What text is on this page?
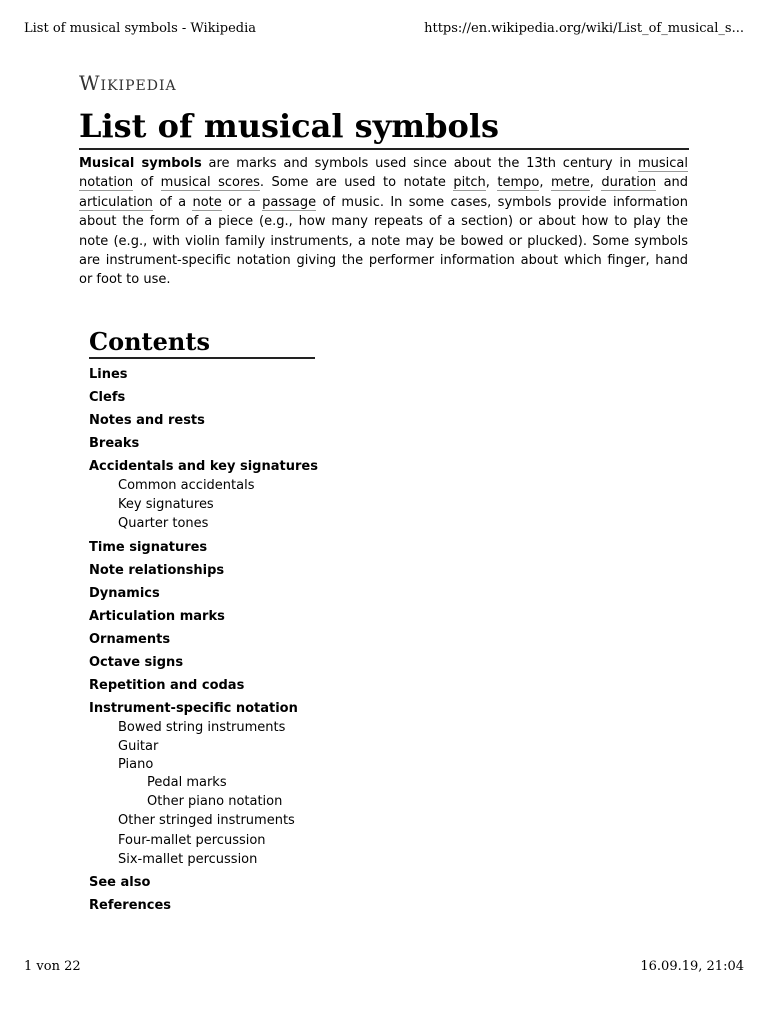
List of musical symbols - Wikipedia	https://en.wikipedia.org/wiki/List_of_musical_s...
Wikipedia
List of musical symbols

Musical symbols are marks and symbols used since about the 13th century in musical notation of musical scores. Some are used to notate pitch, tempo, metre, duration and articulation of a note or a passage of music. In some cases, symbols provide information about the form of a piece (e.g., how many repeats of a section) or about how to play the note (e.g., with violin family instruments, a note may be bowed or plucked). Some symbols are instrument-specific notation giving the performer information about which finger, hand or foot to use.

Contents
Lines
Clefs
Notes and rests
Breaks
Accidentals and key signatures
Common accidentals
Key signatures
Quarter tones
Time signatures
Note relationships
Dynamics
Articulation marks
Ornaments
Octave signs
Repetition and codas
Instrument-specific notation
Bowed string instruments
Guitar
Piano
Pedal marks
Other piano notation
Other stringed instruments
Four-mallet percussion
Six-mallet percussion
See also
References
1 von 22	16.09.19, 21:04
